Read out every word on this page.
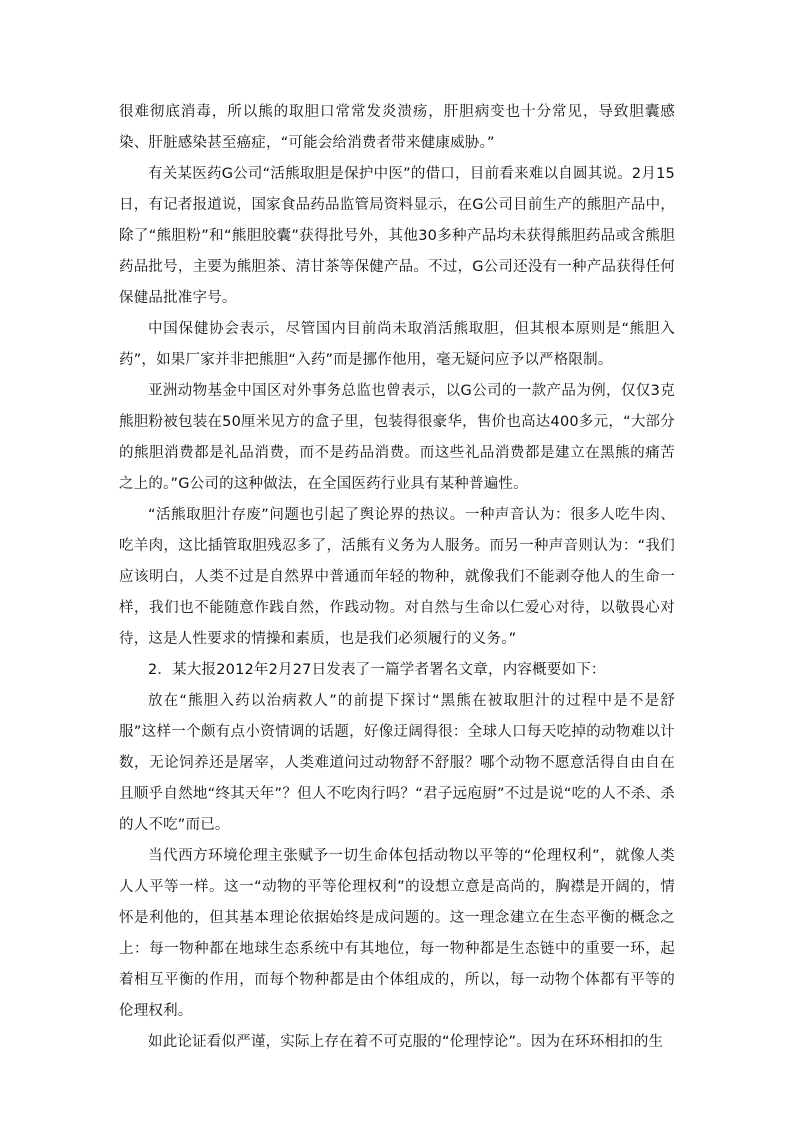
很难彻底消毒，所以熊的取胆口常常发炎溃疡，肝胆病变也十分常见，导致胆囊感染、肝脏感染甚至癌症，“可能会给消费者带来健康威胁。”

有关某医药G公司“活熊取胆是保护中医”的借口，目前看来难以自圆其说。2月15日，有记者报道说，国家食品药品监管局资料显示，在G公司目前生产的熊胆产品中，除了“熊胆粉”和“熊胆胶囊”获得批号外，其他30多种产品均未获得熊胆药品或含熊胆药品批号，主要为熊胆茶、清甘茶等保健产品。不过，G公司还没有一种产品获得任何保健品批准字号。

中国保健协会表示，尽管国内目前尚未取消活熊取胆，但其根本原则是“熊胆入药”，如果厂家并非把熊胆“入药”而是挪作他用，毫无疑问应予以严格限制。

亚洲动物基金中国区对外事务总监也曾表示，以G公司的一款产品为例，仅仅3克熊胆粉被包装在50厘米见方的盒子里，包装得很豪华，售价也高达400多元，“大部分的熊胆消费都是礼品消费，而不是药品消费。而这些礼品消费都是建立在黑熊的痛苦之上的。”G公司的这种做法，在全国医药行业具有某种普遍性。

“活熊取胆汁存废”问题也引起了舆论界的热议。一种声音认为：很多人吃牛肉、吃羊肉，这比插管取胆残忍多了，活熊有义务为人服务。而另一种声音则认为：“我们应该明白，人类不过是自然界中普通而年轻的物种，就像我们不能剥夺他人的生命一样，我们也不能随意作践自然，作践动物。对自然与生命以仁爱心对待，以敬畏心对待，这是人性要求的情操和素质，也是我们必须履行的义务。”

2．某大报2012年2月27日发表了一篇学者署名文章，内容概要如下：

放在“熊胆入药以治病救人”的前提下探讨“黑熊在被取胆汁的过程中是不是舒服”这样一个颇有点小资情调的话题，好像迂阔得很：全球人口每天吃掉的动物难以计数，无论饲养还是屠宰，人类难道问过动物舒不舒服？哪个动物不愿意活得自由自在且顺乎自然地“终其天年”？但人不吃肉行吗？“君子远庖厨”不过是说“吃的人不杀、杀的人不吃”而已。

当代西方环境伦理主张赋予一切生命体包括动物以平等的“伦理权利”，就像人类人人平等一样。这一“动物的平等伦理权利”的设想立意是高尚的，胸襟是开阔的，情怀是利他的，但其基本理论依据始终是成问题的。这一理念建立在生态平衡的概念之上：每一物种都在地球生态系统中有其地位，每一物种都是生态链中的重要一环，起着相互平衡的作用，而每个物种都是由个体组成的，所以，每一动物个体都有平等的伦理权利。

如此论证看似严谨，实际上存在着不可克服的“伦理悖论”。因为在环环相扣的生
